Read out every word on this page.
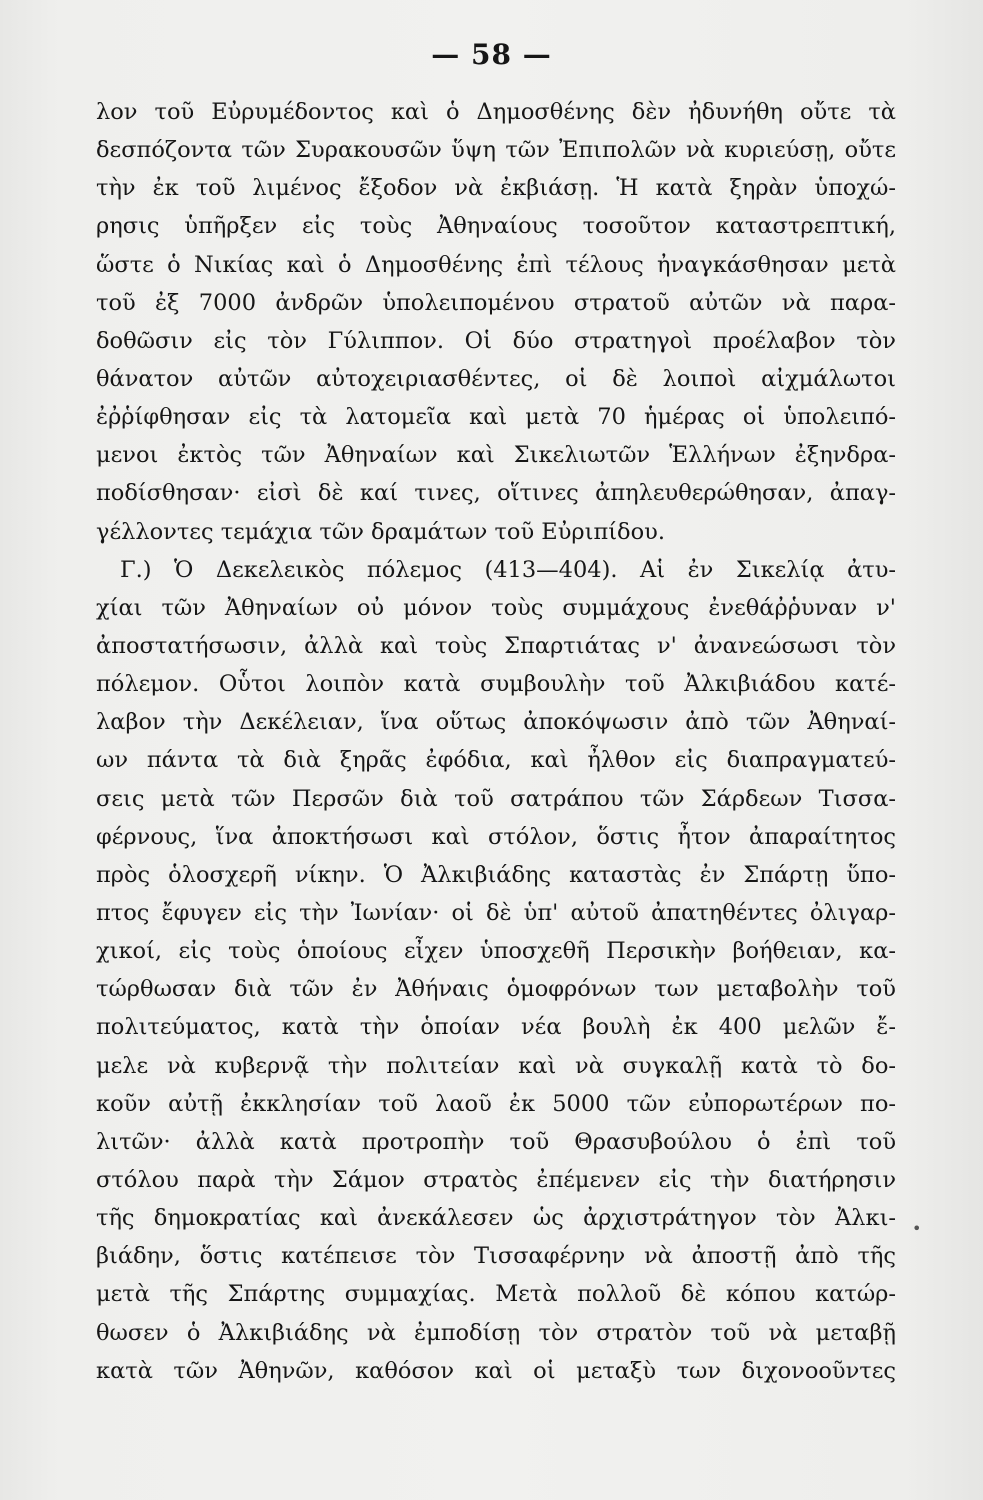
— 58 —
λον τοῦ Εὐρυμέδοντος καὶ ὁ Δημοσθένης δὲν ἠδυνήθη οὔτε τὰ
δεσπόζοντα τῶν Συρακουσῶν ὕψη τῶν Ἐπιπολῶν νὰ κυριεύσῃ, οὔτε
τὴν ἐκ τοῦ λιμένος ἔξοδον νὰ ἐκβιάσῃ. Ἡ κατὰ ξηρὰν ὑποχώ-
ρησις ὑπῆρξεν εἰς τοὺς Ἀθηναίους τοσοῦτον καταστρεπτική,
ὥστε ὁ Νικίας καὶ ὁ Δημοσθένης ἐπὶ τέλους ἠναγκάσθησαν μετὰ
τοῦ ἐξ 7000 ἀνδρῶν ὑπολειπομένου στρατοῦ αὐτῶν νὰ παρα-
δοθῶσιν εἰς τὸν Γύλιππον. Οἱ δύο στρατηγοὶ προέλαβον τὸν
θάνατον αὐτῶν αὐτοχειριασθέντες, οἱ δὲ λοιποὶ αἰχμάλωτοι
ἐῤῥίφθησαν εἰς τὰ λατομεῖα καὶ μετὰ 70 ἡμέρας οἱ ὑπολειπό-
μενοι ἐκτὸς τῶν Ἀθηναίων καὶ Σικελιωτῶν Ἑλλήνων ἐξηνδρα-
ποδίσθησαν· εἰσὶ δὲ καί τινες, οἵτινες ἀπηλευθερώθησαν, ἀπαγ-
γέλλοντες τεμάχια τῶν δραμάτων τοῦ Εὐριπίδου.
Γ.) Ὁ Δεκελεικὸς πόλεμος (413—404). Αἱ ἐν Σικελίᾳ ἀτυ-
χίαι τῶν Ἀθηναίων οὐ μόνον τοὺς συμμάχους ἐνεθάῤῥυναν ν'
ἀποστατήσωσιν, ἀλλὰ καὶ τοὺς Σπαρτιάτας ν' ἀνανεώσωσι τὸν
πόλεμον. Οὗτοι λοιπὸν κατὰ συμβουλὴν τοῦ Ἀλκιβιάδου κατέ-
λαβον τὴν Δεκέλειαν, ἵνα οὕτως ἀποκόψωσιν ἀπὸ τῶν Ἀθηναί-
ων πάντα τὰ διὰ ξηρᾶς ἐφόδια, καὶ ἦλθον εἰς διαπραγματεύ-
σεις μετὰ τῶν Περσῶν διὰ τοῦ σατράπου τῶν Σάρδεων Τισσα-
φέρνους, ἵνα ἀποκτήσωσι καὶ στόλον, ὅστις ἦτον ἀπαραίτητος
πρὸς ὁλοσχερῆ νίκην. Ὁ Ἀλκιβιάδης καταστὰς ἐν Σπάρτῃ ὕπο-
πτος ἔφυγεν εἰς τὴν Ἰωνίαν· οἱ δὲ ὑπ' αὐτοῦ ἀπατηθέντες ὀλιγαρ-
χικοί, εἰς τοὺς ὁποίους εἶχεν ὑποσχεθῆ Περσικὴν βοήθειαν, κα-
τώρθωσαν διὰ τῶν ἐν Ἀθήναις ὁμοφρόνων των μεταβολὴν τοῦ
πολιτεύματος, κατὰ τὴν ὁποίαν νέα βουλὴ ἐκ 400 μελῶν ἔ-
μελε νὰ κυβερνᾷ τὴν πολιτείαν καὶ νὰ συγκαλῇ κατὰ τὸ δο-
κοῦν αὐτῇ ἐκκλησίαν τοῦ λαοῦ ἐκ 5000 τῶν εὐπορωτέρων πο-
λιτῶν· ἀλλὰ κατὰ προτροπὴν τοῦ Θρασυβούλου ὁ ἐπὶ τοῦ
στόλου παρὰ τὴν Σάμον στρατὸς ἐπέμενεν εἰς τὴν διατήρησιν
τῆς δημοκρατίας καὶ ἀνεκάλεσεν ὡς ἀρχιστράτηγον τὸν Ἀλκι-
βιάδην, ὅστις κατέπεισε τὸν Τισσαφέρνην νὰ ἀποστῇ ἀπὸ τῆς
μετὰ τῆς Σπάρτης συμμαχίας. Μετὰ πολλοῦ δὲ κόπου κατώρ-
θωσεν ὁ Ἀλκιβιάδης νὰ ἐμποδίσῃ τὸν στρατὸν τοῦ νὰ μεταβῇ
κατὰ τῶν Ἀθηνῶν, καθόσον καὶ οἱ μεταξὺ των διχονοοῦντες
•
